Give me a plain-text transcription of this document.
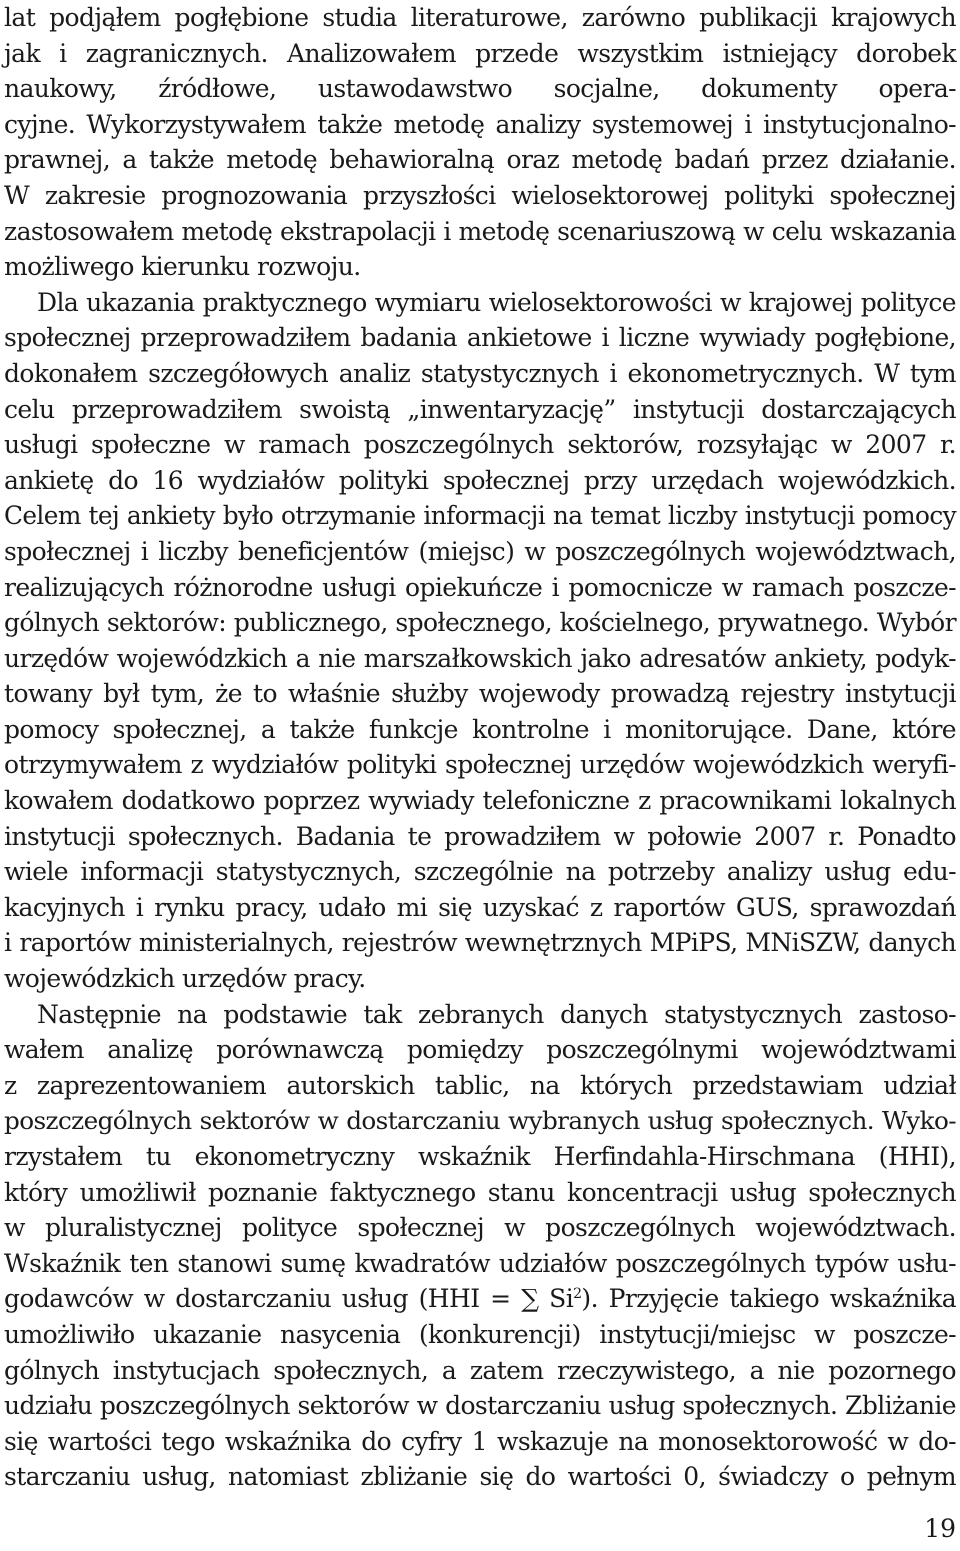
lat podjąłem pogłębione studia literaturowe, zarówno publikacji krajowych
jak i zagranicznych. Analizowałem przede wszystkim istniejący dorobek
naukowy, źródłowe, ustawodawstwo socjalne, dokumenty opera-
cyjne. Wykorzystywałem także metodę analizy systemowej i instytucjonalno-
prawnej, a także metodę behawioralną oraz metodę badań przez działanie.
W zakresie prognozowania przyszłości wielosektorowej polityki społecznej
zastosowałem metodę ekstrapolacji i metodę scenariuszową w celu wskazania
możliwego kierunku rozwoju.
Dla ukazania praktycznego wymiaru wielosektorowości w krajowej polityce
społecznej przeprowadziłem badania ankietowe i liczne wywiady pogłębione,
dokonałem szczegółowych analiz statystycznych i ekonometrycznych. W tym
celu przeprowadziłem swoistą „inwentaryzację” instytucji dostarczających
usługi społeczne w ramach poszczególnych sektorów, rozsyłając w 2007 r.
ankietę do 16 wydziałów polityki społecznej przy urzędach wojewódzkich.
Celem tej ankiety było otrzymanie informacji na temat liczby instytucji pomocy
społecznej i liczby beneficjentów (miejsc) w poszczególnych województwach,
realizujących różnorodne usługi opiekuńcze i pomocnicze w ramach poszcze-
gólnych sektorów: publicznego, społecznego, kościelnego, prywatnego. Wybór
urzędów wojewódzkich a nie marszałkowskich jako adresatów ankiety, podyk-
towany był tym, że to właśnie służby wojewody prowadzą rejestry instytucji
pomocy społecznej, a także funkcje kontrolne i monitorujące. Dane, które
otrzymywałem z wydziałów polityki społecznej urzędów wojewódzkich weryfi-
kowałem dodatkowo poprzez wywiady telefoniczne z pracownikami lokalnych
instytucji społecznych. Badania te prowadziłem w połowie 2007 r. Ponadto
wiele informacji statystycznych, szczególnie na potrzeby analizy usług edu-
kacyjnych i rynku pracy, udało mi się uzyskać z raportów GUS, sprawozdań
i raportów ministerialnych, rejestrów wewnętrznych MPiPS, MNiSZW, danych
wojewódzkich urzędów pracy.
Następnie na podstawie tak zebranych danych statystycznych zastoso-
wałem analizę porównawczą pomiędzy poszczególnymi województwami
z zaprezentowaniem autorskich tablic, na których przedstawiam udział
poszczególnych sektorów w dostarczaniu wybranych usług społecznych. Wyko-
rzystałem tu ekonometryczny wskaźnik Herfindahla-Hirschmana (HHI),
który umożliwił poznanie faktycznego stanu koncentracji usług społecznych
w pluralistycznej polityce społecznej w poszczególnych województwach.
Wskaźnik ten stanowi sumę kwadratów udziałów poszczególnych typów usłu-
godawców w dostarczaniu usług (HHI = ∑ Si$^2$). Przyjęcie takiego wskaźnika
umożliwiło ukazanie nasycenia (konkurencji) instytucji/miejsc w poszcze-
gólnych instytucjach społecznych, a zatem rzeczywistego, a nie pozornego
udziału poszczególnych sektorów w dostarczaniu usług społecznych. Zbliżanie
się wartości tego wskaźnika do cyfry 1 wskazuje na monosektorowość w do-
starczaniu usług, natomiast zbliżanie się do wartości 0, świadczy o pełnym
19
